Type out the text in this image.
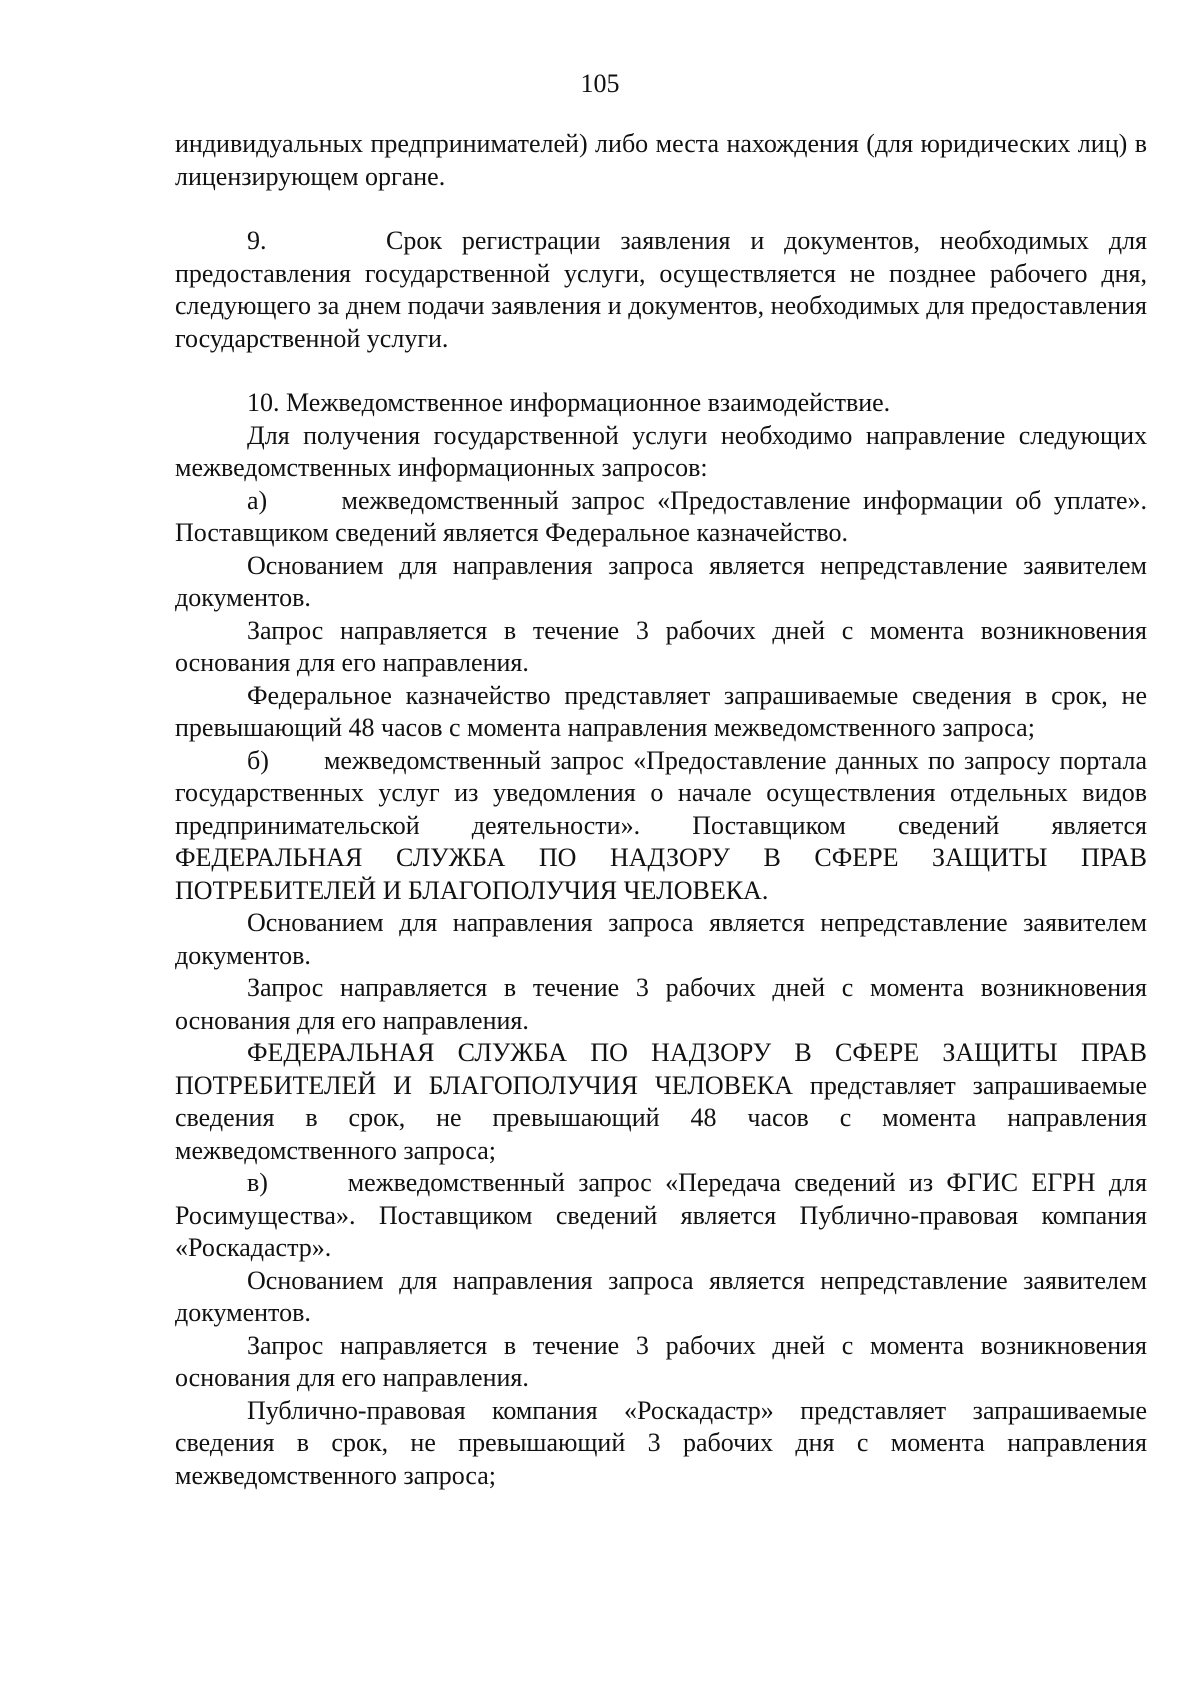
105

индивидуальных предпринимателей) либо места нахождения (для юридических лиц) в лицензирующем органе.

9.      Срок регистрации заявления и документов, необходимых для предоставления государственной услуги, осуществляется не позднее рабочего дня, следующего за днем подачи заявления и документов, необходимых для предоставления государственной услуги.

10. Межведомственное информационное взаимодействие.

Для получения государственной услуги необходимо направление следующих межведомственных информационных запросов:

а)      межведомственный запрос «Предоставление информации об уплате». Поставщиком сведений является Федеральное казначейство.

Основанием для направления запроса является непредставление заявителем документов.

Запрос направляется в течение 3 рабочих дней с момента возникновения основания для его направления.

Федеральное казначейство представляет запрашиваемые сведения в срок, не превышающий 48 часов с момента направления межведомственного запроса;

б)      межведомственный запрос «Предоставление данных по запросу портала государственных услуг из уведомления о начале осуществления отдельных видов предпринимательской деятельности». Поставщиком сведений является ФЕДЕРАЛЬНАЯ СЛУЖБА ПО НАДЗОРУ В СФЕРЕ ЗАЩИТЫ ПРАВ ПОТРЕБИТЕЛЕЙ И БЛАГОПОЛУЧИЯ ЧЕЛОВЕКА.

Основанием для направления запроса является непредставление заявителем документов.

Запрос направляется в течение 3 рабочих дней с момента возникновения основания для его направления.

ФЕДЕРАЛЬНАЯ СЛУЖБА ПО НАДЗОРУ В СФЕРЕ ЗАЩИТЫ ПРАВ ПОТРЕБИТЕЛЕЙ И БЛАГОПОЛУЧИЯ ЧЕЛОВЕКА представляет запрашиваемые сведения в срок, не превышающий 48 часов с момента направления межведомственного запроса;

в)      межведомственный запрос «Передача сведений из ФГИС ЕГРН для Росимущества». Поставщиком сведений является Публично-правовая компания «Роскадастр».

Основанием для направления запроса является непредставление заявителем документов.

Запрос направляется в течение 3 рабочих дней с момента возникновения основания для его направления.

Публично-правовая компания «Роскадастр» представляет запрашиваемые сведения в срок, не превышающий 3 рабочих дня с момента направления межведомственного запроса;
